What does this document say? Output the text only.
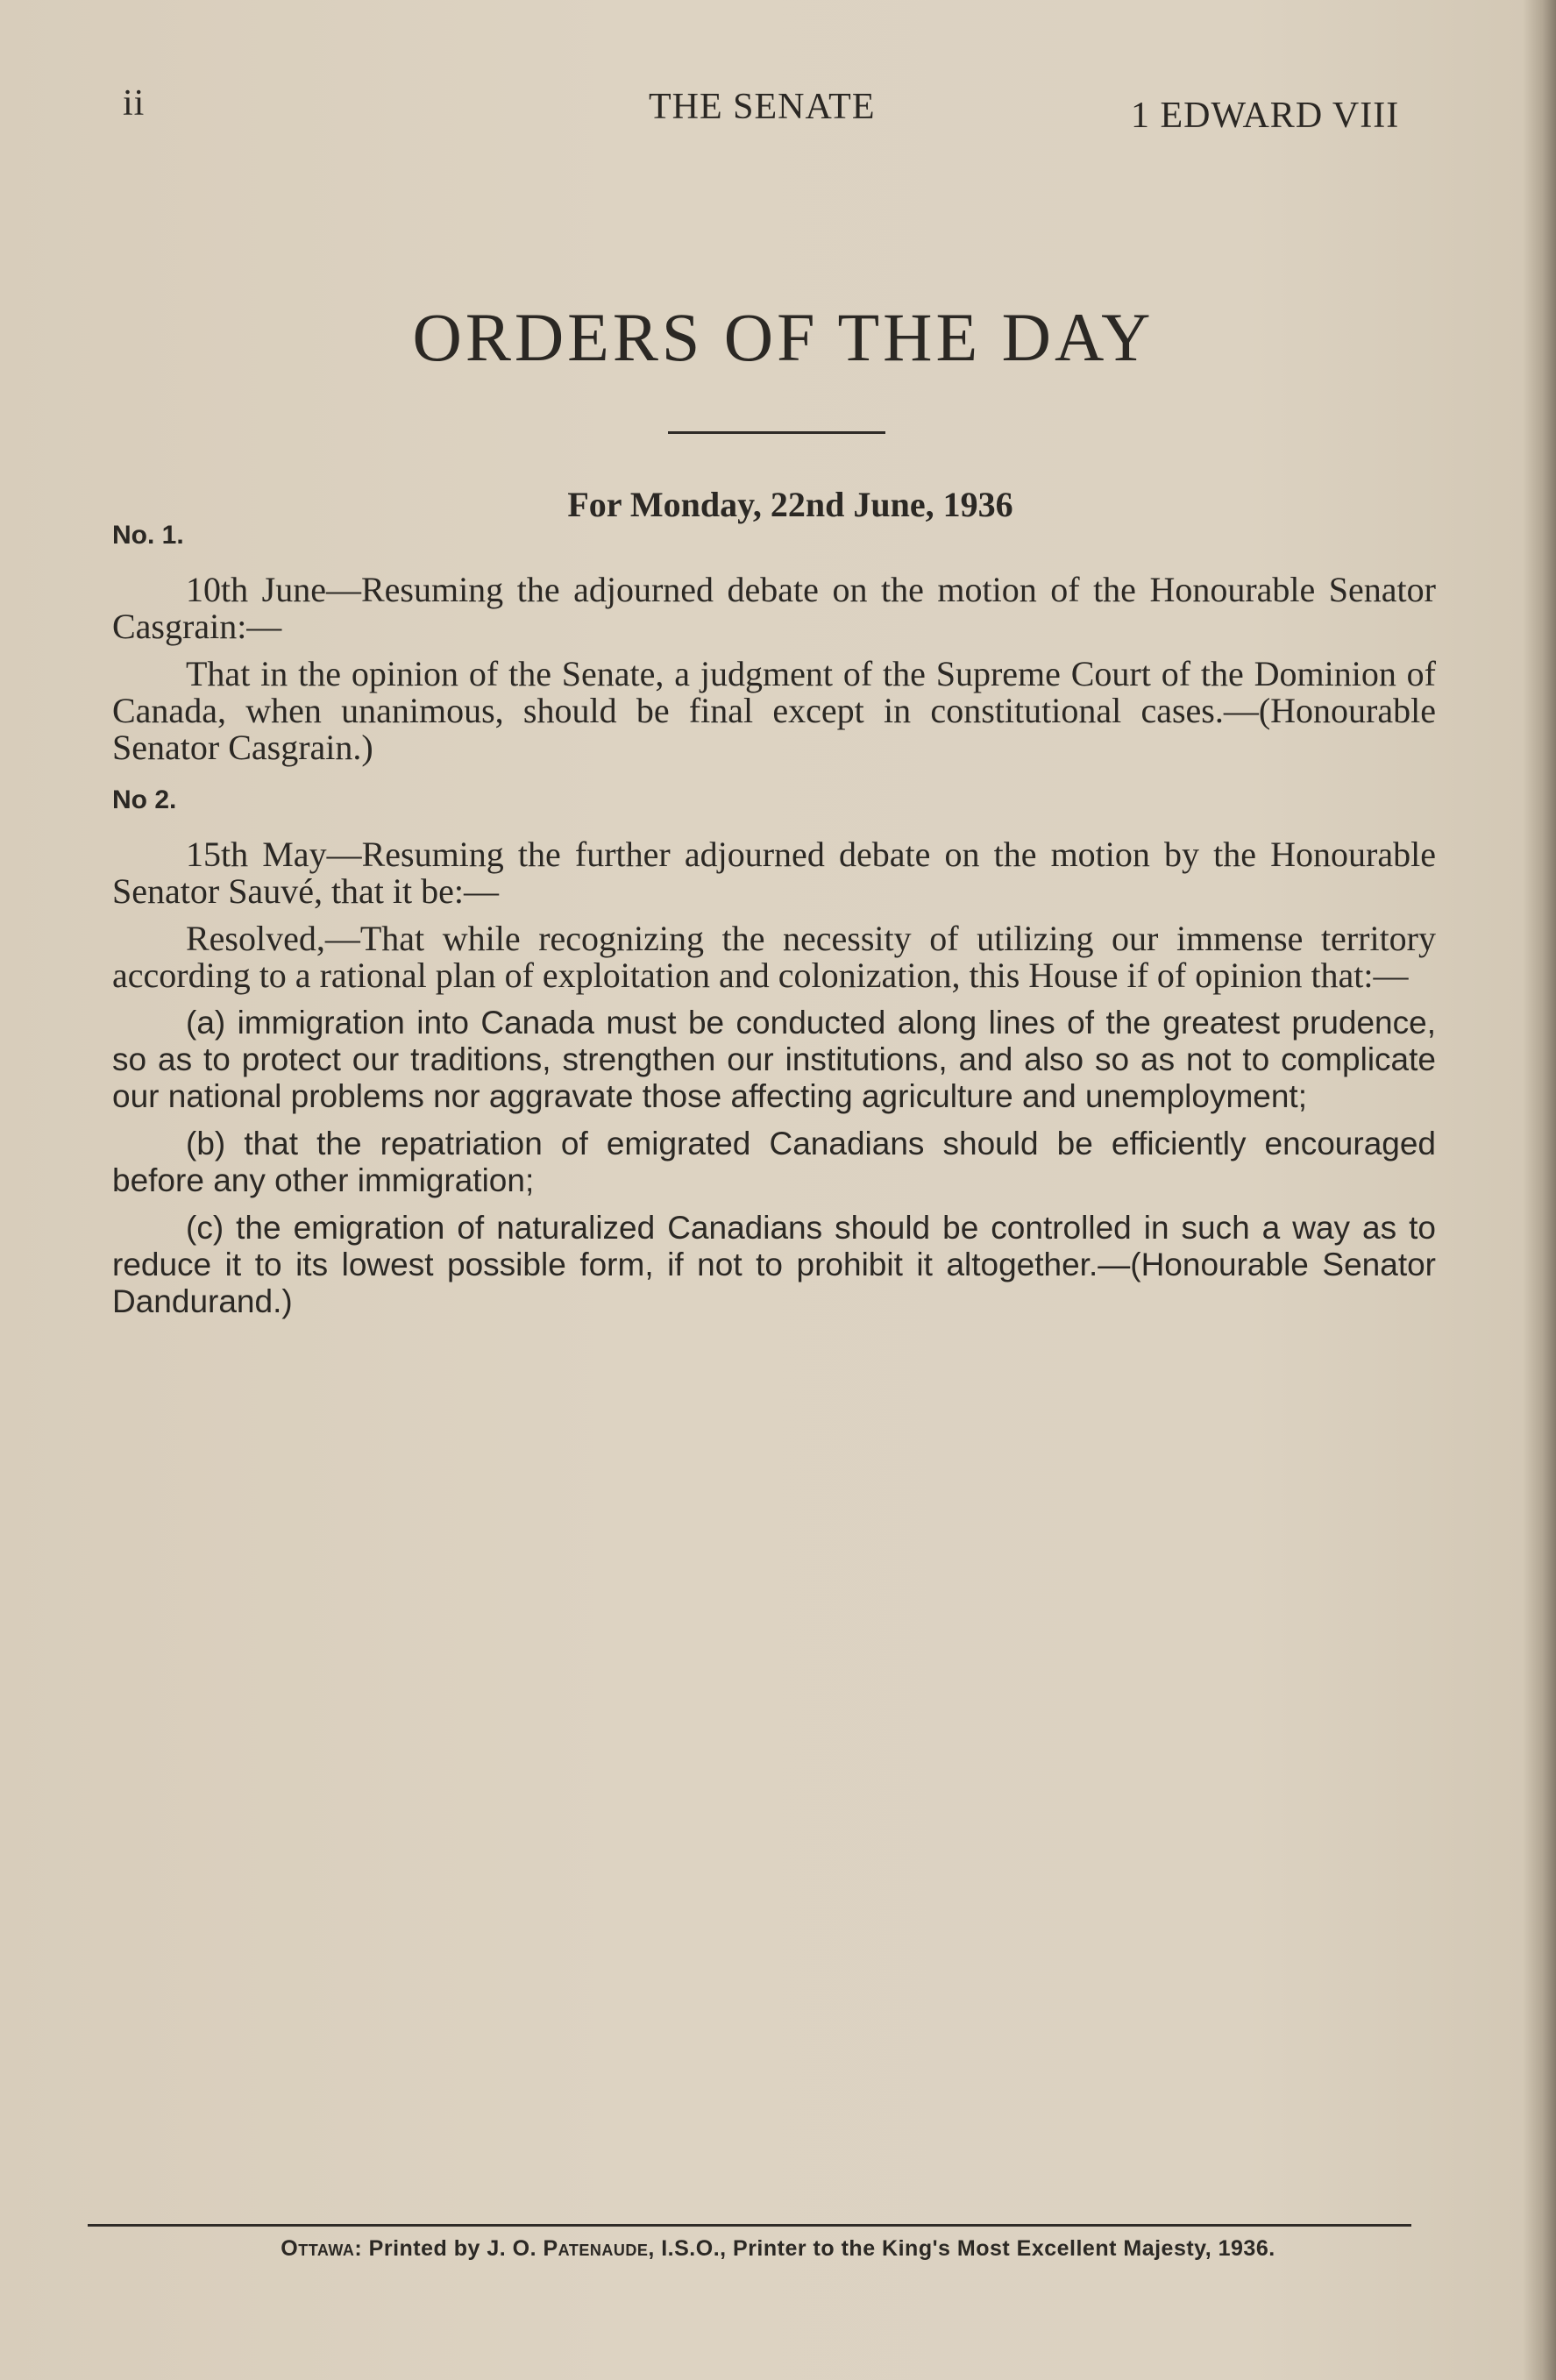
ii	THE SENATE	1 EDWARD VIII
ORDERS OF THE DAY
For Monday, 22nd June, 1936
No. 1.

10th June—Resuming the adjourned debate on the motion of the Honourable Senator Casgrain:—

That in the opinion of the Senate, a judgment of the Supreme Court of the Dominion of Canada, when unanimous, should be final except in constitutional cases.—(Honourable Senator Casgrain.)

No 2.

15th May—Resuming the further adjourned debate on the motion by the Honourable Senator Sauvé, that it be:—

Resolved,—That while recognizing the necessity of utilizing our immense territory according to a rational plan of exploitation and colonization, this House if of opinion that:—

(a) immigration into Canada must be conducted along lines of the greatest prudence, so as to protect our traditions, strengthen our institutions, and also so as not to complicate our national problems nor aggravate those affecting agriculture and unemployment;

(b) that the repatriation of emigrated Canadians should be efficiently encouraged before any other immigration;

(c) the emigration of naturalized Canadians should be controlled in such a way as to reduce it to its lowest possible form, if not to prohibit it altogether.—(Honourable Senator Dandurand.)

Ottawa: Printed by J. O. Patenaude, I.S.O., Printer to the King's Most Excellent Majesty, 1936.
